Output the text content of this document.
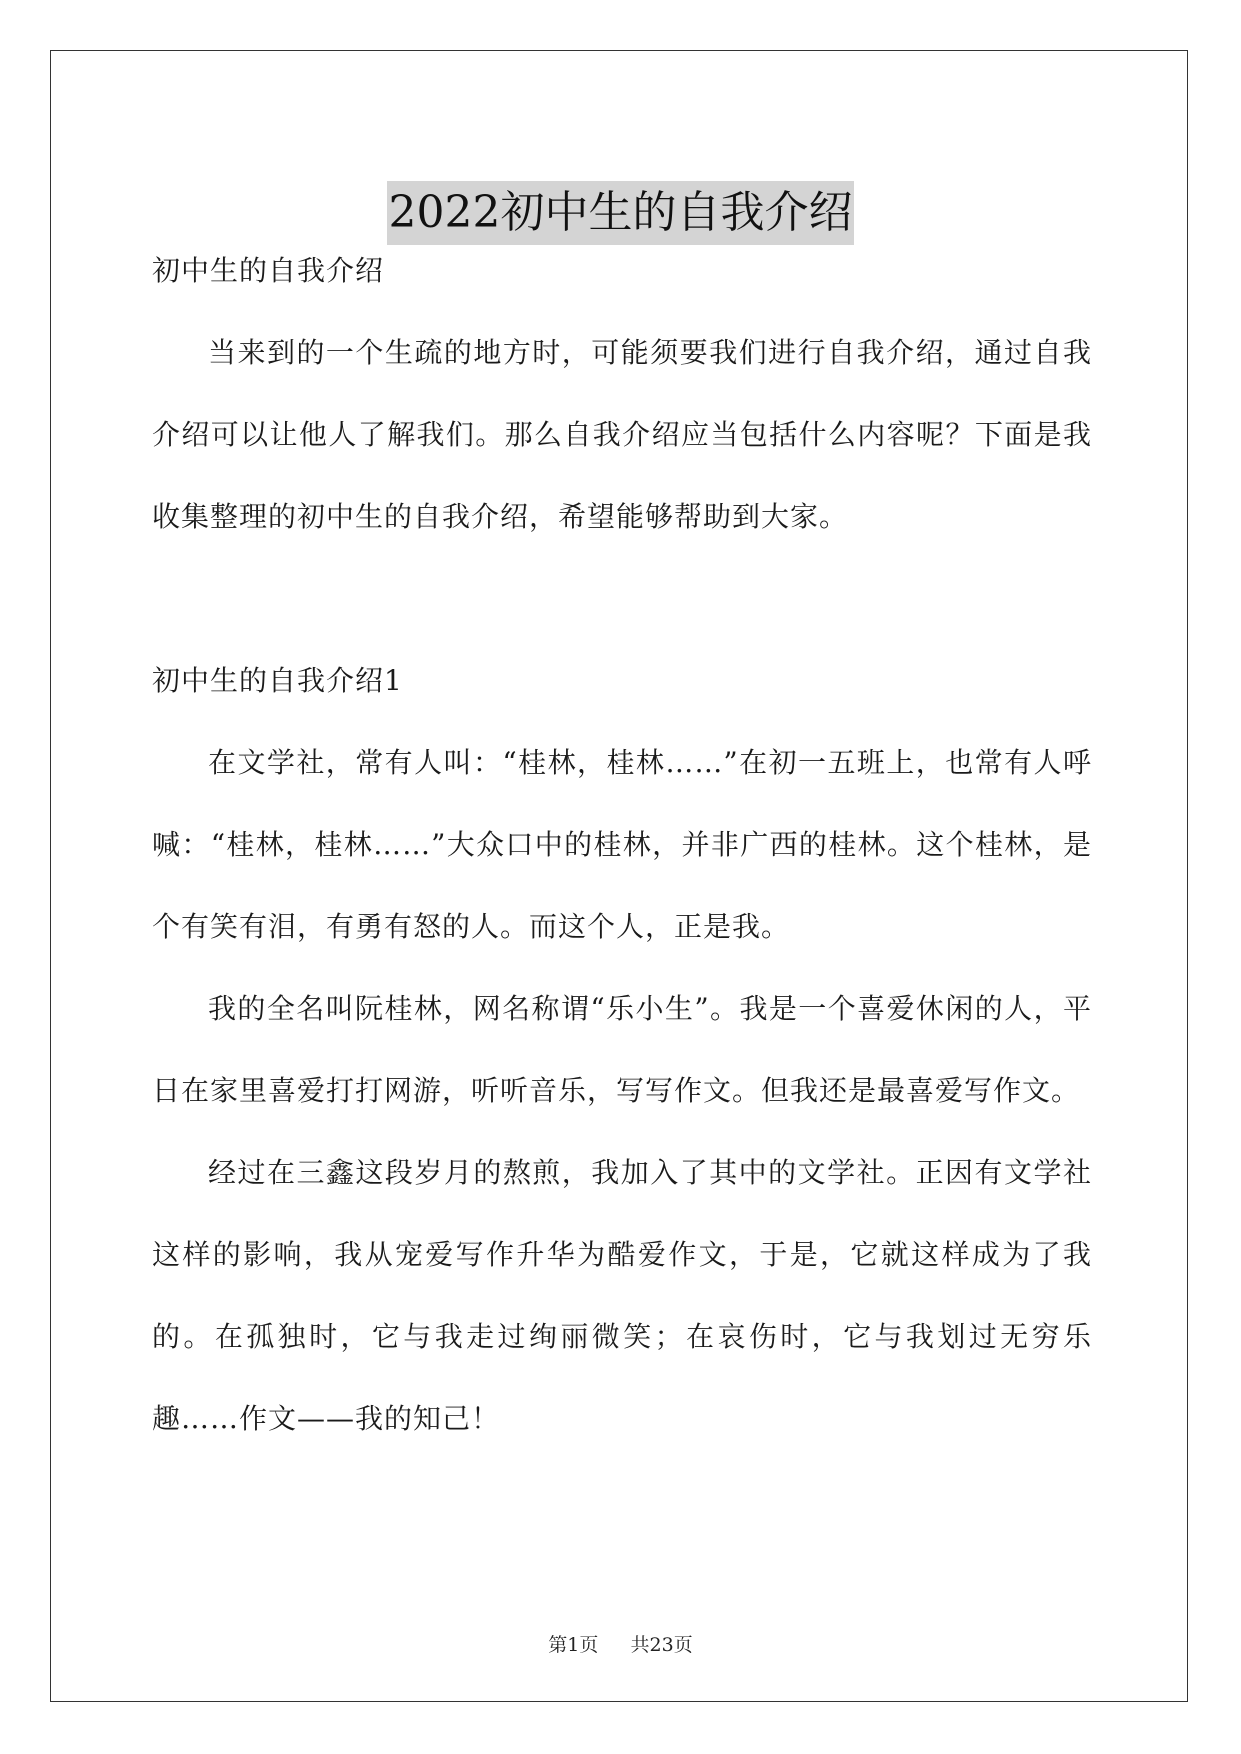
2022初中生的自我介绍

初中生的自我介绍

当来到的一个生疏的地方时，可能须要我们进行自我介绍，通过自我介绍可以让他人了解我们。那么自我介绍应当包括什么内容呢？下面是我收集整理的初中生的自我介绍，希望能够帮助到大家。

初中生的自我介绍1

在文学社，常有人叫：“桂林，桂林……”在初一五班上，也常有人呼喊：“桂林，桂林……”大众口中的桂林，并非广西的桂林。这个桂林，是个有笑有泪，有勇有怒的人。而这个人，正是我。

我的全名叫阮桂林，网名称谓“乐小生”。我是一个喜爱休闲的人，平日在家里喜爱打打网游，听听音乐，写写作文。但我还是最喜爱写作文。

经过在三鑫这段岁月的熬煎，我加入了其中的文学社。正因有文学社这样的影响，我从宠爱写作升华为酷爱作文，于是，它就这样成为了我的。在孤独时，它与我走过绚丽微笑；在哀伤时，它与我划过无穷乐趣……作文——我的知己！

第1页 共23页
